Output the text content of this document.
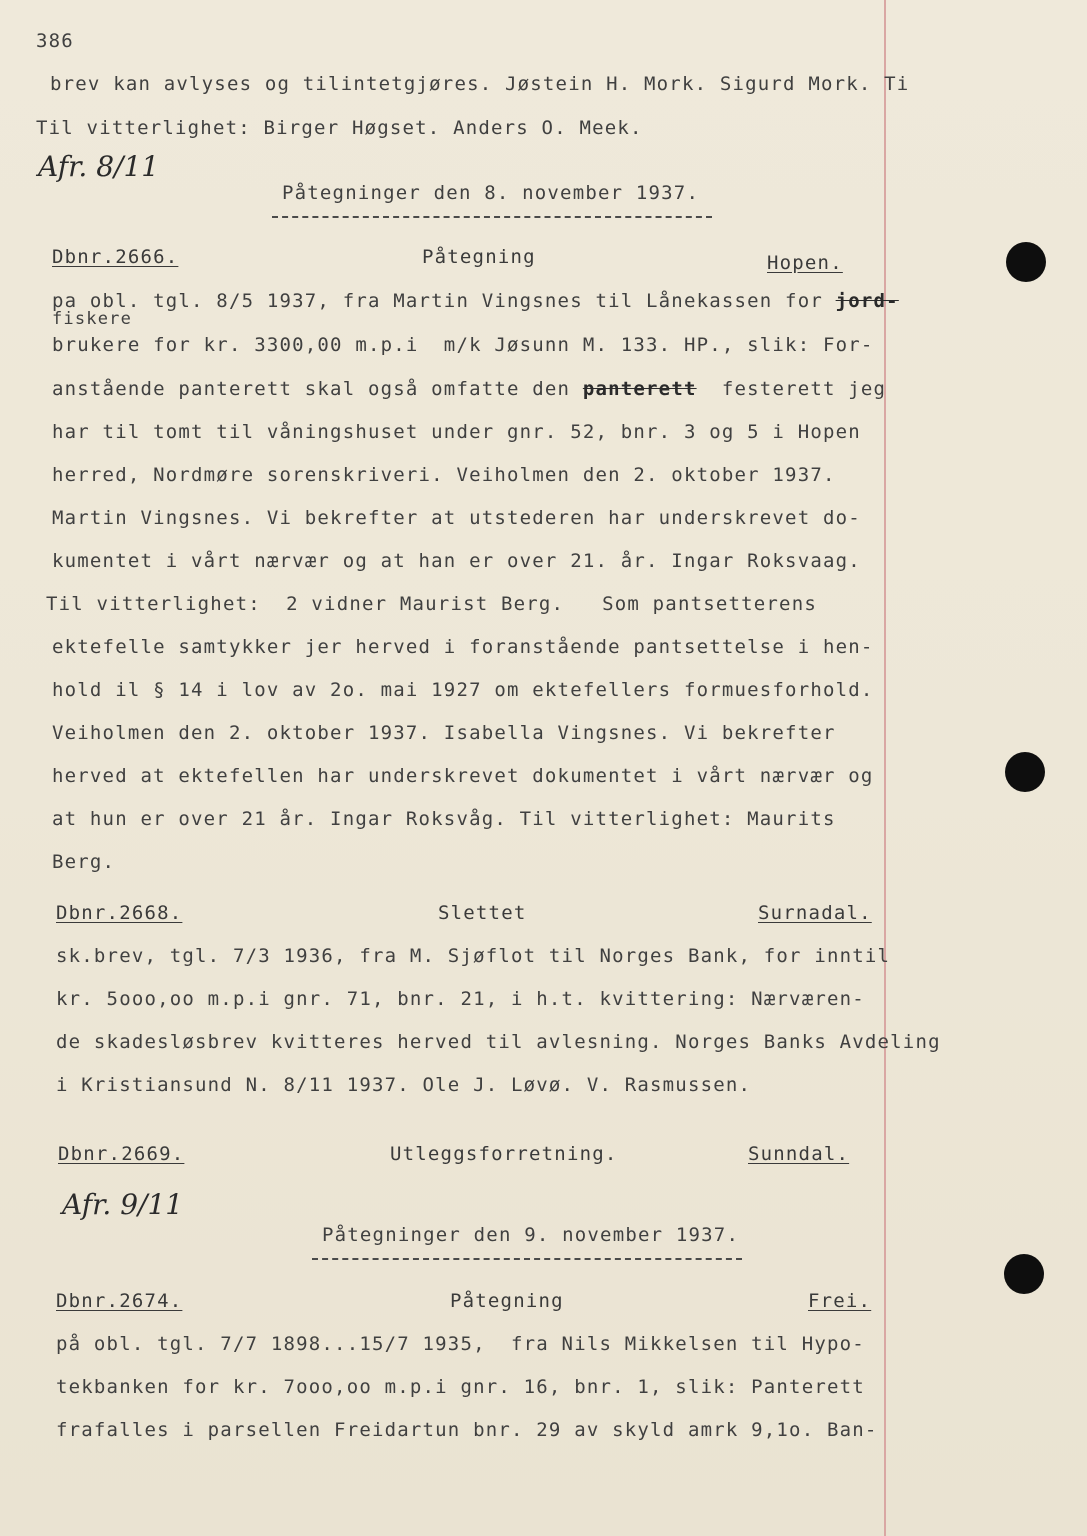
386
brev kan avlyses og tilintetgjøres. Jøstein H. Mork. Sigurd Mork. Ti
Til vitterlighet: Birger Høgset. Anders O. Meek.
Afr. 8/11
Påtegninger den 8. november 1937.
Dbnr.2666.	Påtegning	Hopen.
pa obl. tgl. 8/5 1937, fra Martin Vingsnes til Lånekassen for jord-
fiskere
brukere for kr. 3300,00 m.p.i  m/k Jøsunn M. 133. HP., slik: For-
anstående panterett skal også omfatte den panterett festerett jeg
har til tomt til våningshuset under gnr. 52, bnr. 3 og 5 i Hopen
herred, Nordmøre sorenskriveri. Veiholmen den 2. oktober 1937.
Martin Vingsnes. Vi bekrefter at utstederen har underskrevet do-
kumentet i vårt nærvær og at han er over 21. år. Ingar Roksvaag.
Til vitterlighet:  2 vidner Maurist Berg.   Som pantsetterens
ektefelle samtykker jer herved i foranstående pantsettelse i hen-
hold il § 14 i lov av 2o. mai 1927 om ektefellers formuesforhold.
Veiholmen den 2. oktober 1937. Isabella Vingsnes. Vi bekrefter
herved at ektefellen har underskrevet dokumentet i vårt nærvær og
at hun er over 21 år. Ingar Roksvåg. Til vitterlighet: Maurits
Berg.
Dbnr.2668.	Slettet	Surnadal.
sk.brev, tgl. 7/3 1936, fra M. Sjøflot til Norges Bank, for inntil
kr. 5ooo,oo m.p.i gnr. 71, bnr. 21, i h.t. kvittering: Nærværen-
de skadesløsbrev kvitteres herved til avlesning. Norges Banks Avdeling
i Kristiansund N. 8/11 1937. Ole J. Løvø. V. Rasmussen.
Dbnr.2669.	Utleggsforretning.	Sunndal.
Afr. 9/11
Påtegninger den 9. november 1937.
Dbnr.2674.	Påtegning	Frei.
på obl. tgl. 7/7 1898...15/7 1935,  fra Nils Mikkelsen til Hypo-
tekbanken for kr. 7ooo,oo m.p.i gnr. 16, bnr. 1, slik: Panterett
frafalles i parsellen Freidartun bnr. 29 av skyld amrk 9,1o. Ban-
